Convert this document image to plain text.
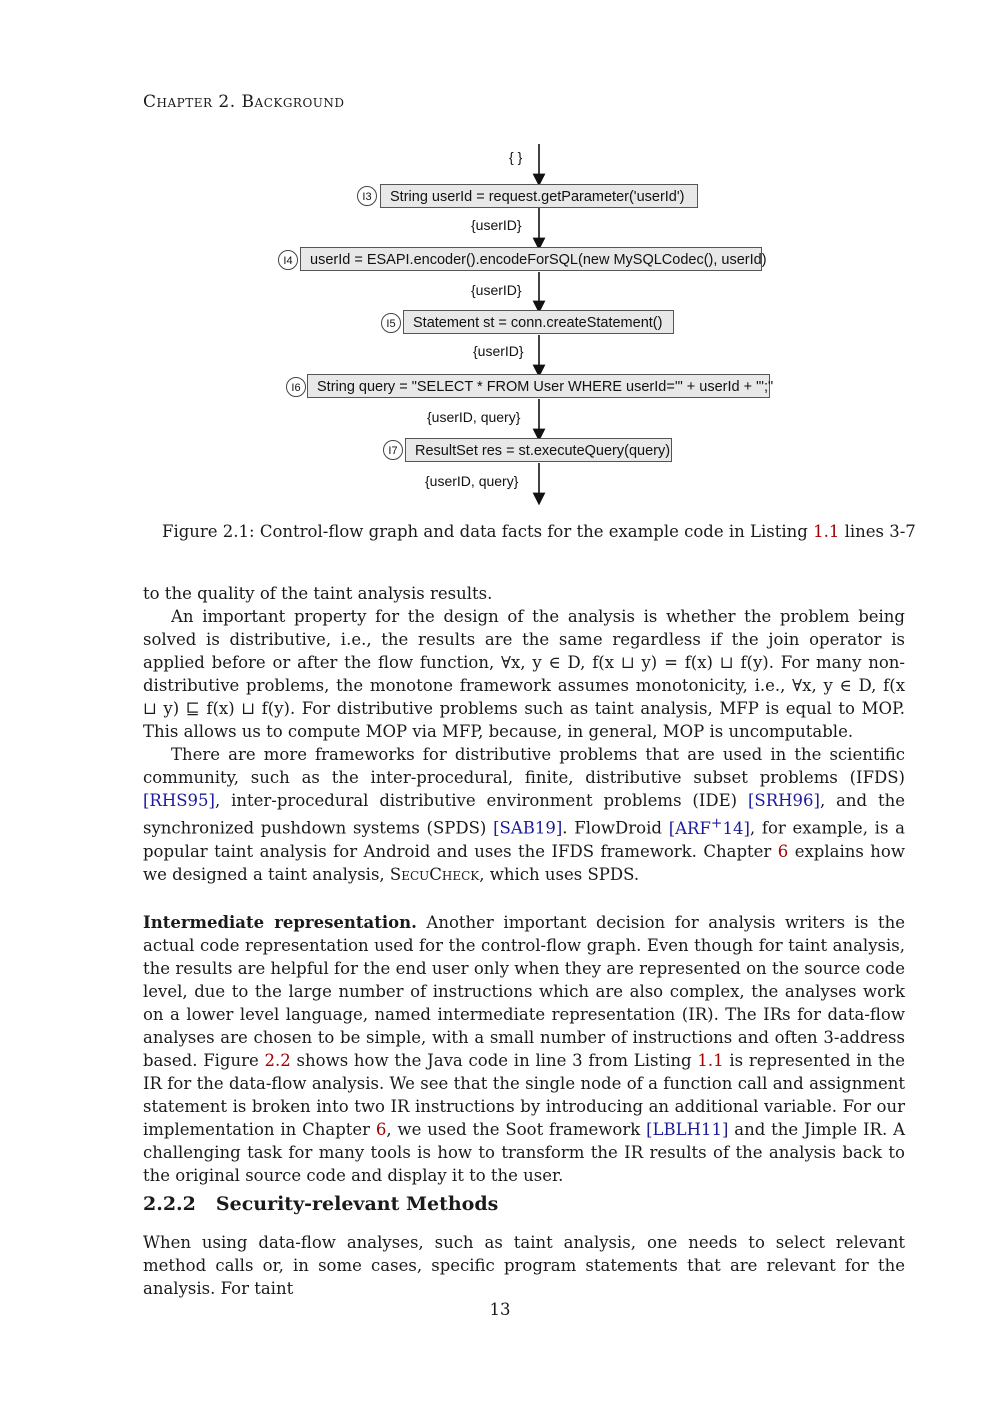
Chapter 2. Background
{ }
I3	String userId = request.getParameter('userId')
{userID}
I4	userId = ESAPI.encoder().encodeForSQL(new MySQLCodec(), userId)
{userID}
I5	Statement st = conn.createStatement()
{userID}
I6	String query = "SELECT * FROM User WHERE userId='" + userId + "';"
{userID, query}
I7	ResultSet res = st.executeQuery(query)
{userID, query}
Figure 2.1: Control-flow graph and data facts for the example code in Listing 1.1 lines 3-7

to the quality of the taint analysis results.

An important property for the design of the analysis is whether the problem being solved is distributive, i.e., the results are the same regardless if the join operator is applied before or after the flow function, ∀x, y ∈ D, f(x ⊔ y) = f(x) ⊔ f(y). For many non-distributive problems, the monotone framework assumes monotonicity, i.e., ∀x, y ∈ D, f(x ⊔ y) ⊑ f(x) ⊔ f(y). For distributive problems such as taint analysis, MFP is equal to MOP. This allows us to compute MOP via MFP, because, in general, MOP is uncomputable.

There are more frameworks for distributive problems that are used in the scientific community, such as the inter-procedural, finite, distributive subset problems (IFDS) [RHS95], inter-procedural distributive environment problems (IDE) [SRH96], and the synchronized pushdown systems (SPDS) [SAB19]. FlowDroid [ARF+14], for example, is a popular taint analysis for Android and uses the IFDS framework. Chapter 6 explains how we designed a taint analysis, SecuCheck, which uses SPDS.

Intermediate representation. Another important decision for analysis writers is the actual code representation used for the control-flow graph. Even though for taint analysis, the results are helpful for the end user only when they are represented on the source code level, due to the large number of instructions which are also complex, the analyses work on a lower level language, named intermediate representation (IR). The IRs for data-flow analyses are chosen to be simple, with a small number of instructions and often 3-address based. Figure 2.2 shows how the Java code in line 3 from Listing 1.1 is represented in the IR for the data-flow analysis. We see that the single node of a function call and assignment statement is broken into two IR instructions by introducing an additional variable. For our implementation in Chapter 6, we used the Soot framework [LBLH11] and the Jimple IR. A challenging task for many tools is how to transform the IR results of the analysis back to the original source code and display it to the user.

2.2.2 Security-relevant Methods

When using data-flow analyses, such as taint analysis, one needs to select relevant method calls or, in some cases, specific program statements that are relevant for the analysis. For taint

13
